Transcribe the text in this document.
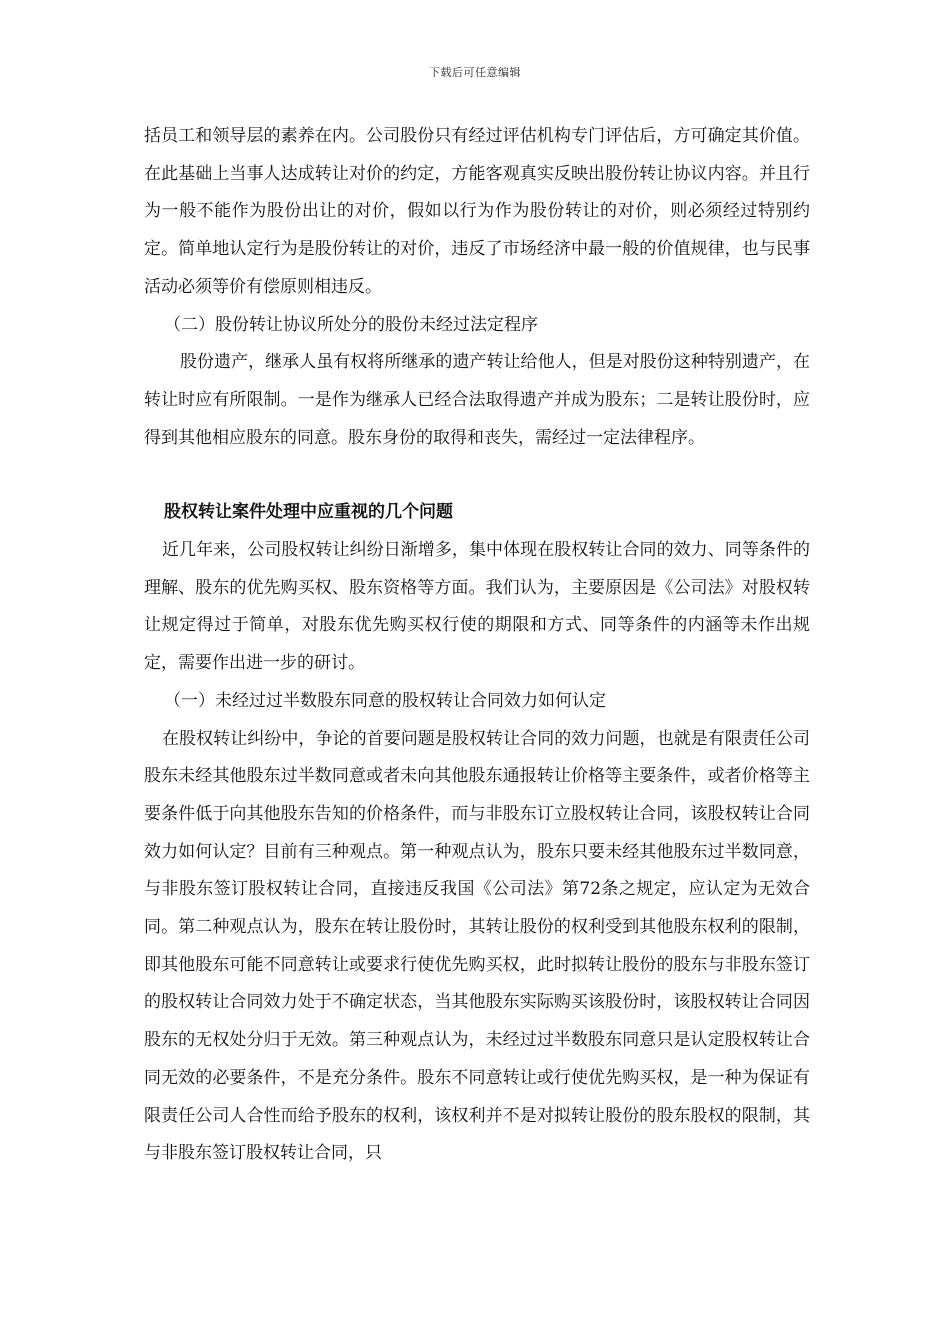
下载后可任意编辑

括员工和领导层的素养在内。公司股份只有经过评估机构专门评估后，方可确定其价值。在此基础上当事人达成转让对价的约定，方能客观真实反映出股份转让协议内容。并且行为一般不能作为股份出让的对价，假如以行为作为股份转让的对价，则必须经过特别约定。简单地认定行为是股份转让的对价，违反了市场经济中最一般的价值规律，也与民事活动必须等价有偿原则相违反。

（二）股份转让协议所处分的股份未经过法定程序

股份遗产，继承人虽有权将所继承的遗产转让给他人，但是对股份这种特别遗产，在转让时应有所限制。一是作为继承人已经合法取得遗产并成为股东；二是转让股份时，应得到其他相应股东的同意。股东身份的取得和丧失，需经过一定法律程序。

股权转让案件处理中应重视的几个问题

近几年来，公司股权转让纠纷日渐增多，集中体现在股权转让合同的效力、同等条件的理解、股东的优先购买权、股东资格等方面。我们认为，主要原因是《公司法》对股权转让规定得过于简单，对股东优先购买权行使的期限和方式、同等条件的内涵等未作出规定，需要作出进一步的研讨。

（一）未经过过半数股东同意的股权转让合同效力如何认定

在股权转让纠纷中，争论的首要问题是股权转让合同的效力问题，也就是有限责任公司股东未经其他股东过半数同意或者未向其他股东通报转让价格等主要条件，或者价格等主要条件低于向其他股东告知的价格条件，而与非股东订立股权转让合同，该股权转让合同效力如何认定？目前有三种观点。第一种观点认为，股东只要未经其他股东过半数同意，与非股东签订股权转让合同，直接违反我国《公司法》第72条之规定，应认定为无效合同。第二种观点认为，股东在转让股份时，其转让股份的权利受到其他股东权利的限制，即其他股东可能不同意转让或要求行使优先购买权，此时拟转让股份的股东与非股东签订的股权转让合同效力处于不确定状态，当其他股东实际购买该股份时，该股权转让合同因股东的无权处分归于无效。第三种观点认为，未经过过半数股东同意只是认定股权转让合同无效的必要条件，不是充分条件。股东不同意转让或行使优先购买权，是一种为保证有限责任公司人合性而给予股东的权利，该权利并不是对拟转让股份的股东股权的限制，其与非股东签订股权转让合同，只
